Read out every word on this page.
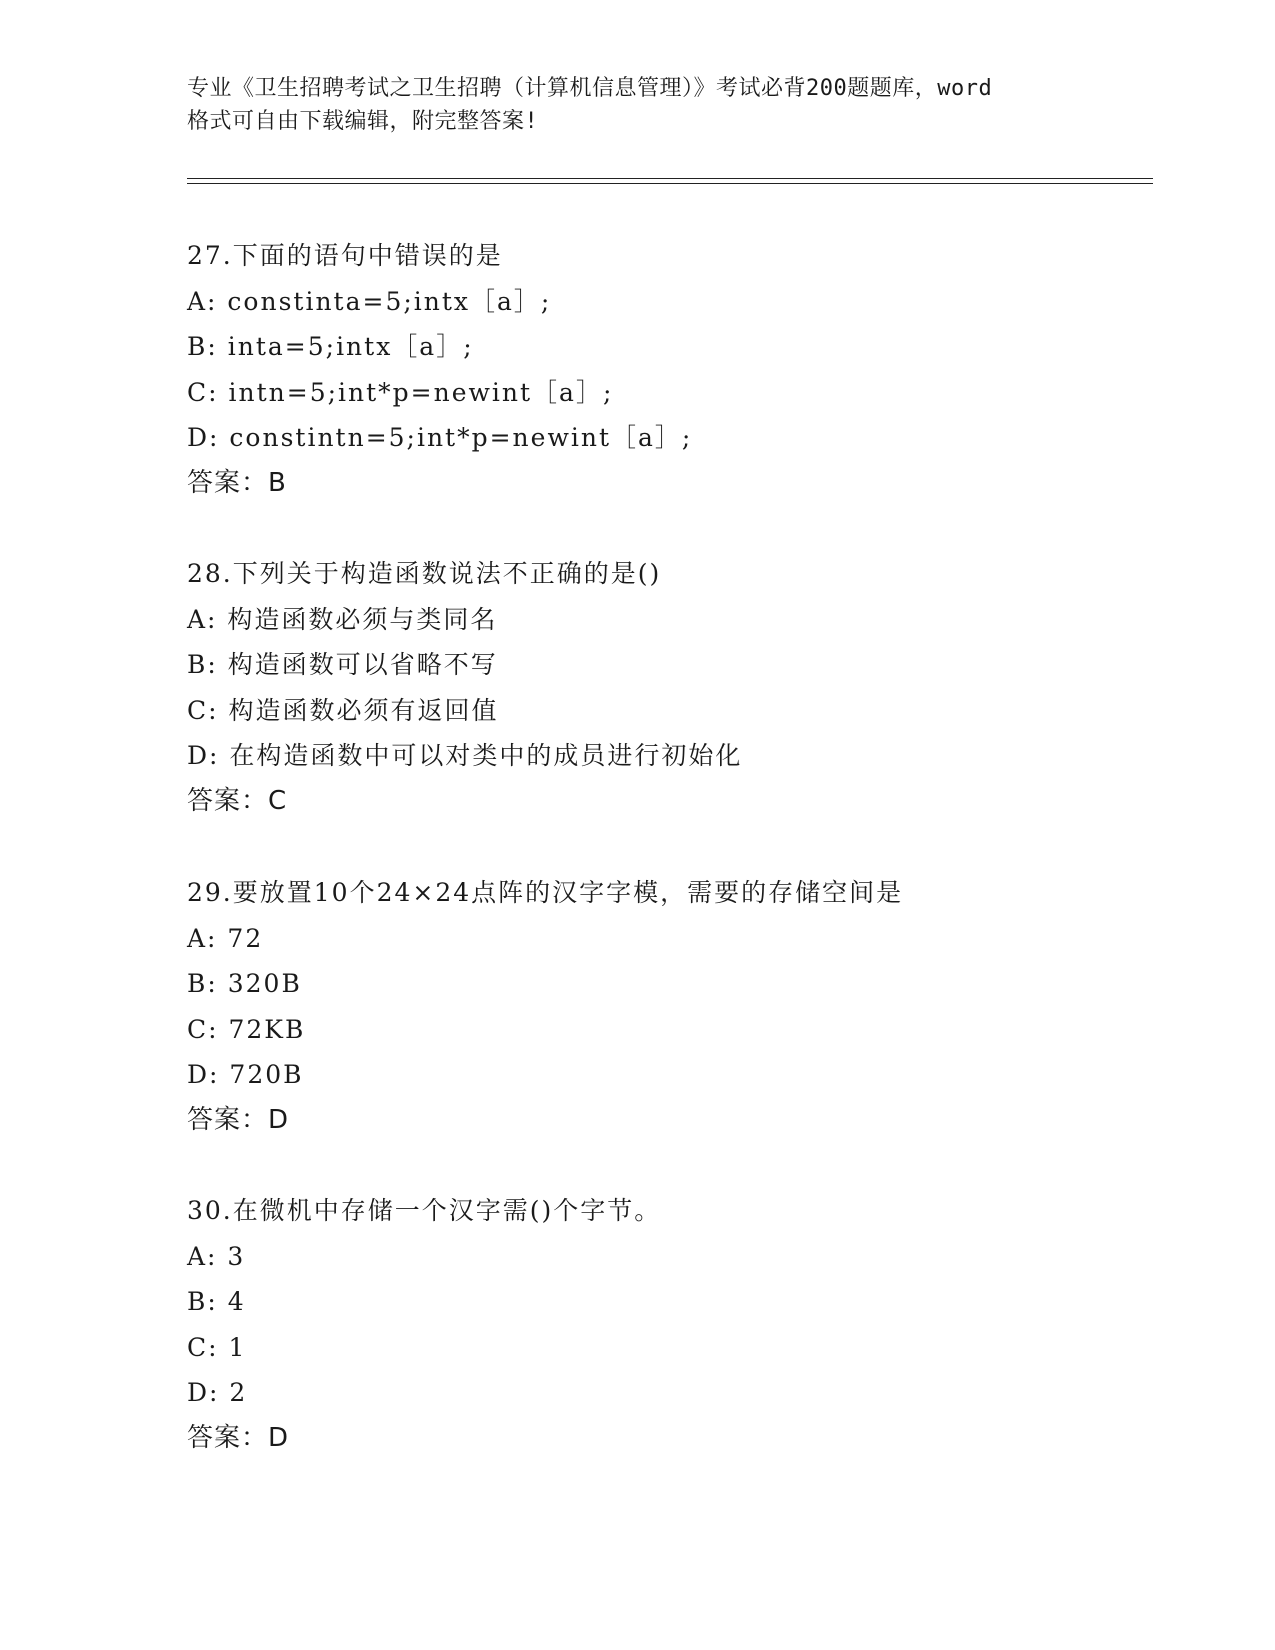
专业《卫生招聘考试之卫生招聘（计算机信息管理）》考试必背200题题库，word
格式可自由下载编辑，附完整答案!
27.下面的语句中错误的是
A: constinta=5;intx［a］;
B: inta=5;intx［a］;
C: intn=5;int*p=newint［a］;
D: constintn=5;int*p=newint［a］;
答案：B
28.下列关于构造函数说法不正确的是()
A: 构造函数必须与类同名
B: 构造函数可以省略不写
C: 构造函数必须有返回值
D: 在构造函数中可以对类中的成员进行初始化
答案：C
29.要放置10个24×24点阵的汉字字模，需要的存储空间是
A: 72
B: 320B
C: 72KB
D: 720B
答案：D
30.在微机中存储一个汉字需()个字节。
A: 3
B: 4
C: 1
D: 2
答案：D
